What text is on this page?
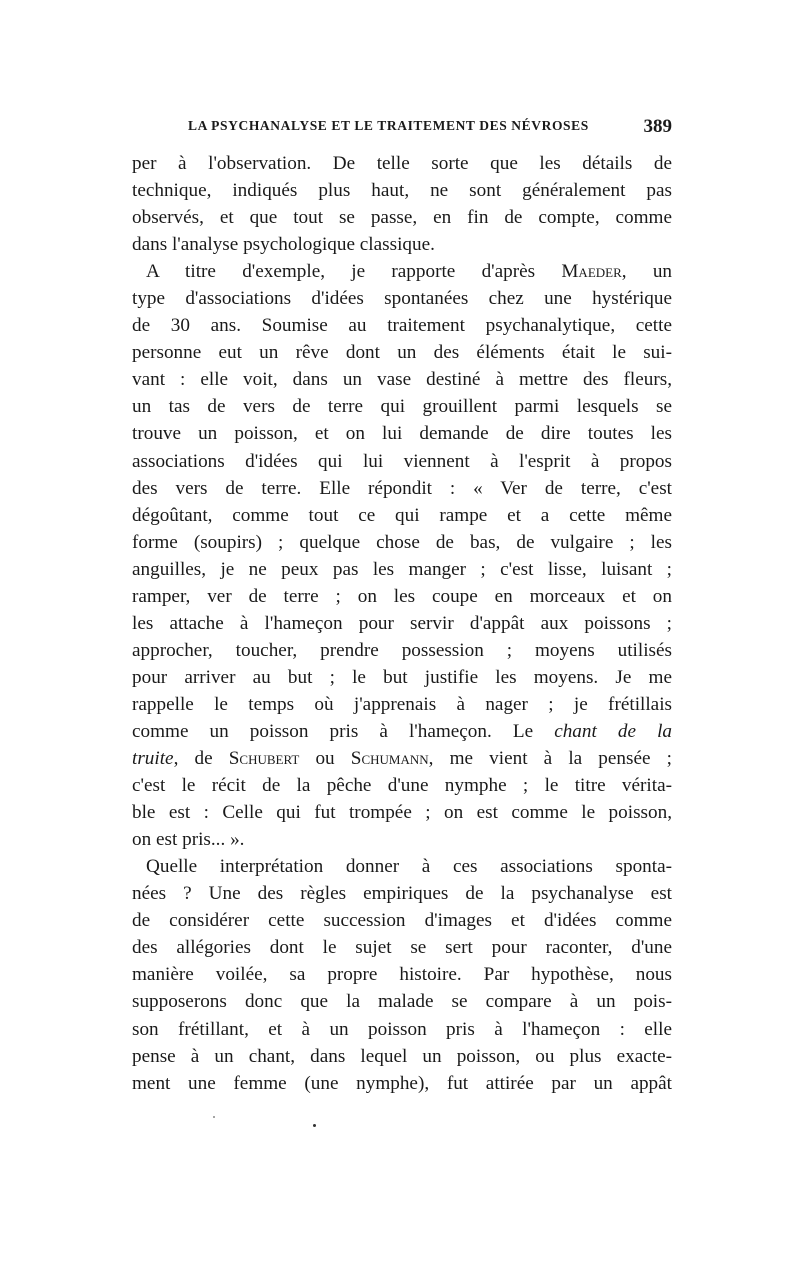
LA PSYCHANALYSE ET LE TRAITEMENT DES NÉVROSES	389
per à l'observation. De telle sorte que les détails de
technique, indiqués plus haut, ne sont généralement pas
observés, et que tout se passe, en fin de compte, comme
dans l'analyse psychologique classique.
A titre d'exemple, je rapporte d'après Maeder, un
type d'associations d'idées spontanées chez une hystérique
de 30 ans. Soumise au traitement psychanalytique, cette
personne eut un rêve dont un des éléments était le sui-
vant : elle voit, dans un vase destiné à mettre des fleurs,
un tas de vers de terre qui grouillent parmi lesquels se
trouve un poisson, et on lui demande de dire toutes les
associations d'idées qui lui viennent à l'esprit à propos
des vers de terre. Elle répondit : « Ver de terre, c'est
dégoûtant, comme tout ce qui rampe et a cette même
forme (soupirs) ; quelque chose de bas, de vulgaire ; les
anguilles, je ne peux pas les manger ; c'est lisse, luisant ;
ramper, ver de terre ; on les coupe en morceaux et on
les attache à l'hameçon pour servir d'appât aux poissons ;
approcher, toucher, prendre possession ; moyens utilisés
pour arriver au but ; le but justifie les moyens. Je me
rappelle le temps où j'apprenais à nager ; je frétillais
comme un poisson pris à l'hameçon. Le chant de la
truite, de Schubert ou Schumann, me vient à la pensée ;
c'est le récit de la pêche d'une nymphe ; le titre vérita-
ble est : Celle qui fut trompée ; on est comme le poisson,
on est pris... ».
Quelle interprétation donner à ces associations sponta-
nées ? Une des règles empiriques de la psychanalyse est
de considérer cette succession d'images et d'idées comme
des allégories dont le sujet se sert pour raconter, d'une
manière voilée, sa propre histoire. Par hypothèse, nous
supposerons donc que la malade se compare à un pois-
son frétillant, et à un poisson pris à l'hameçon : elle
pense à un chant, dans lequel un poisson, ou plus exacte-
ment une femme (une nymphe), fut attirée par un appât
